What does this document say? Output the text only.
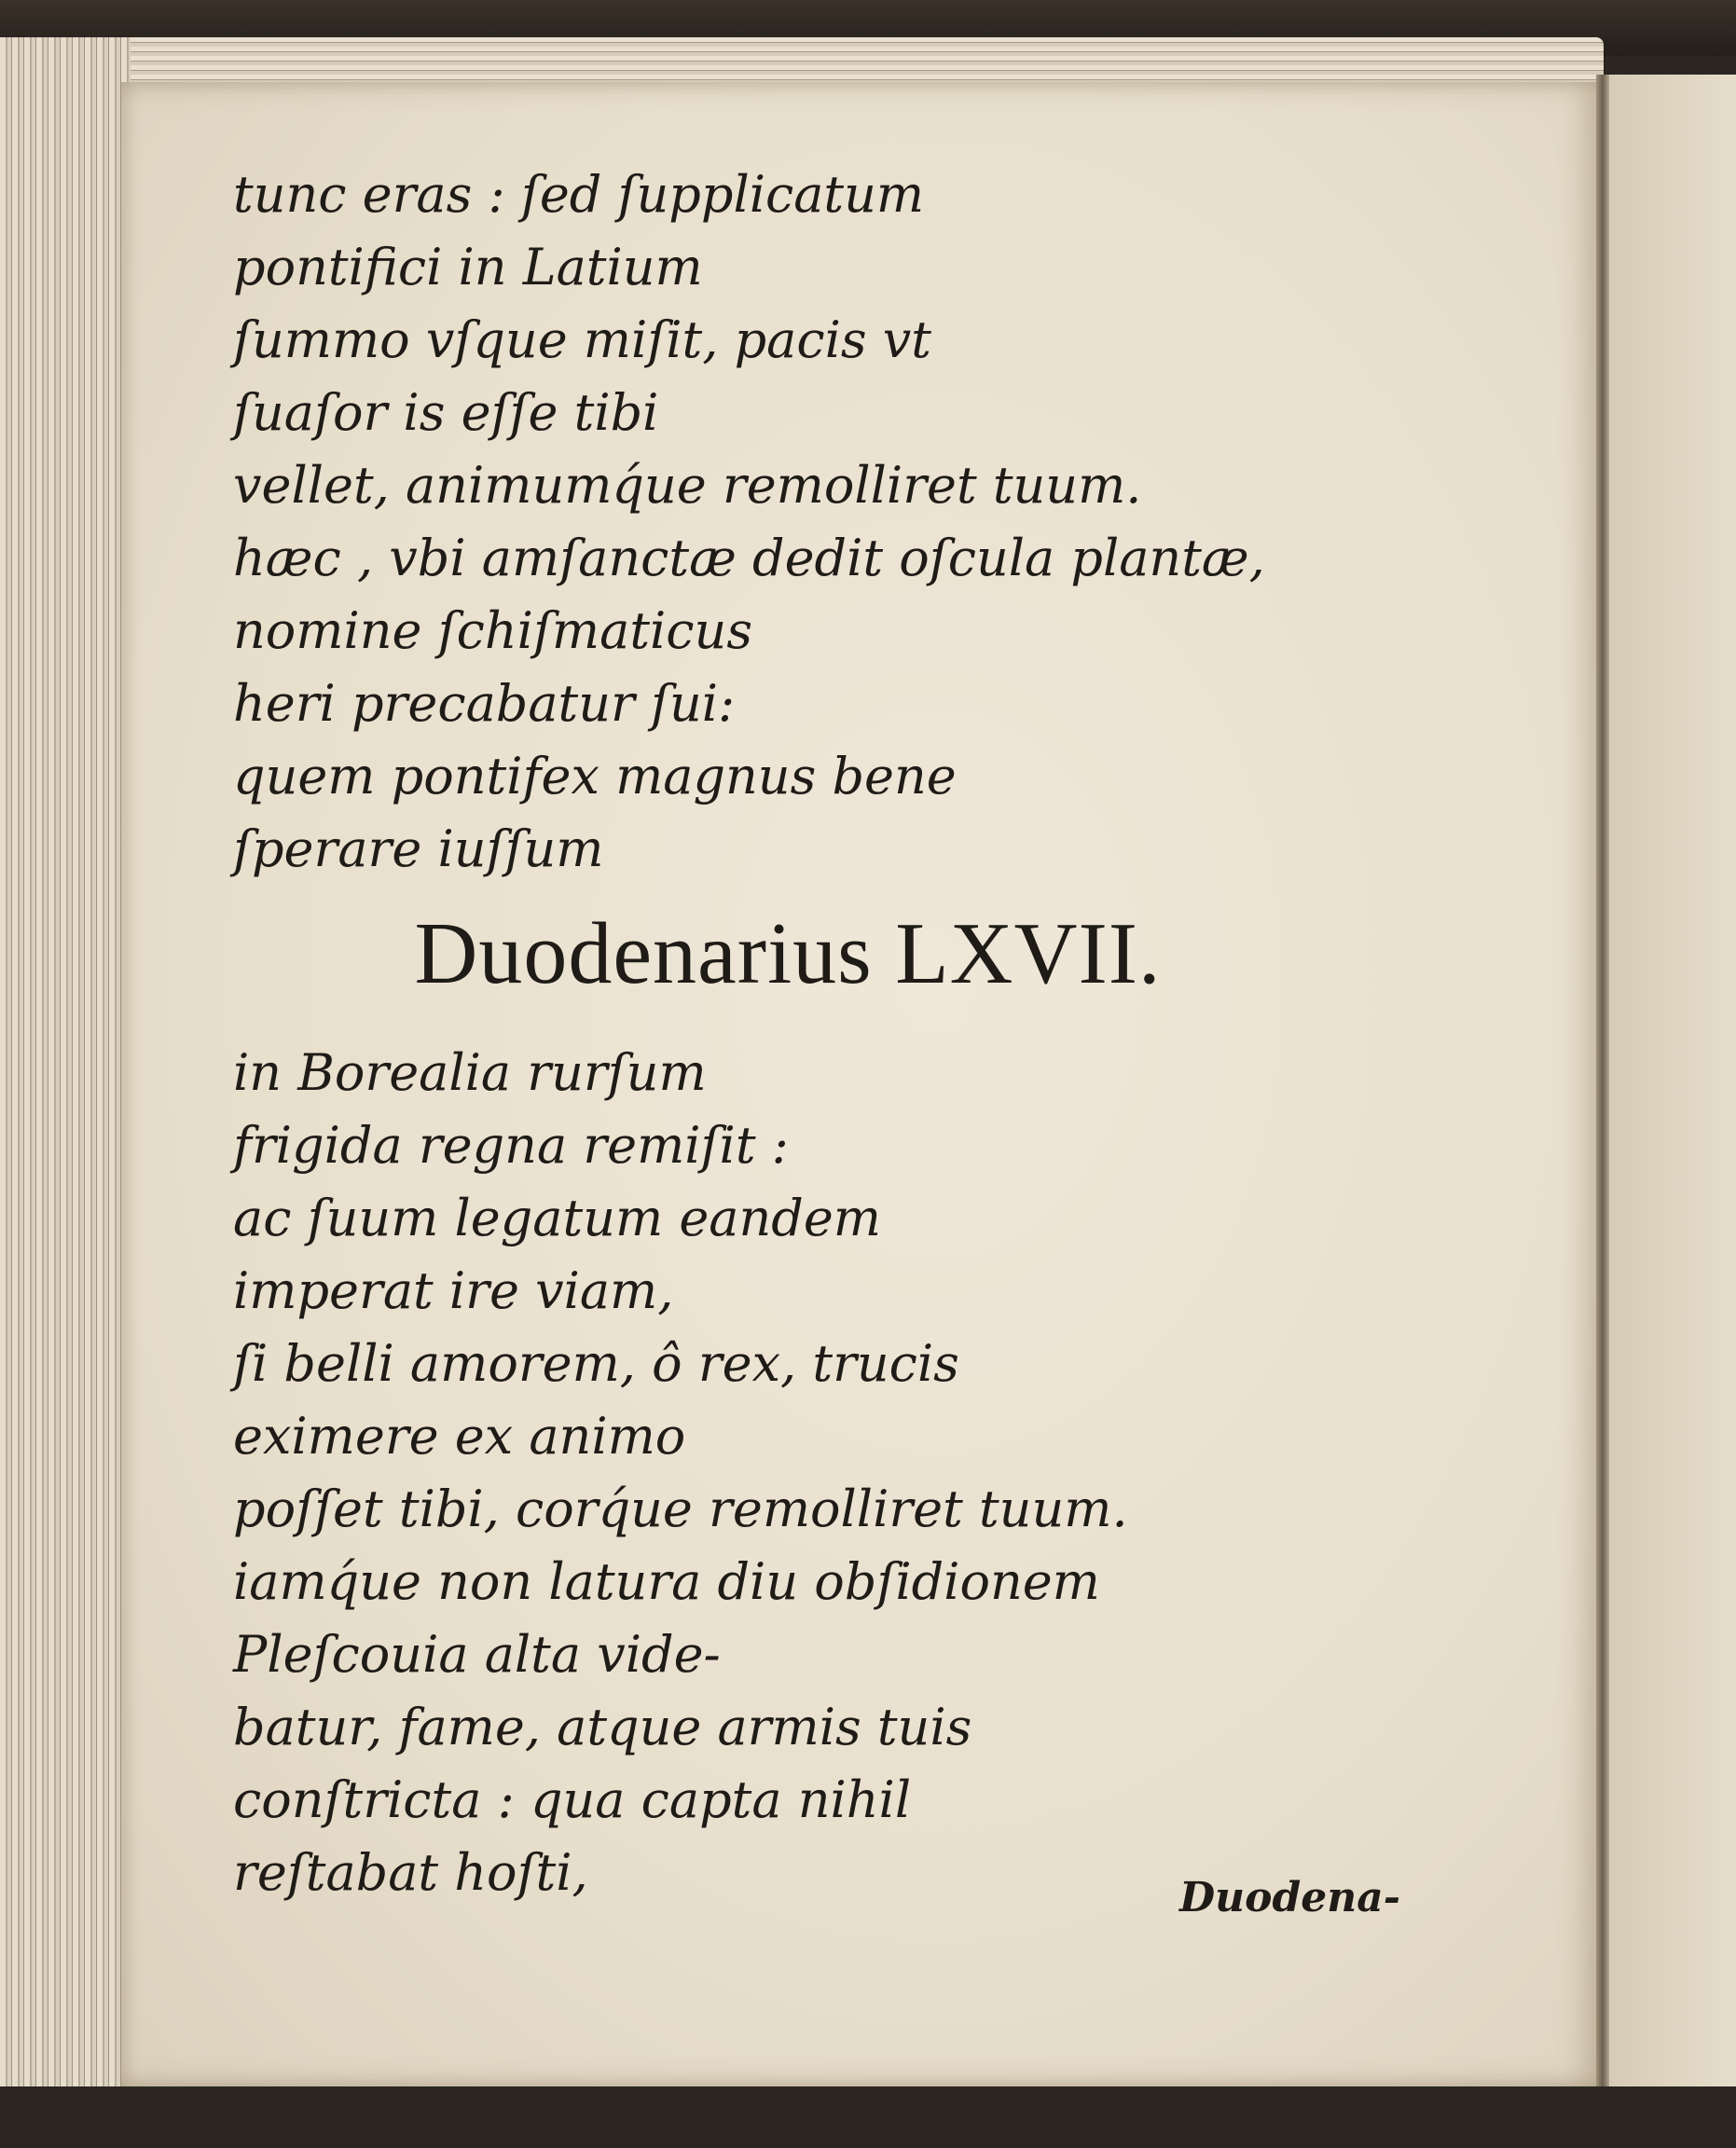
tunc eras : ſed ſupplicatum
pontifici in Latium
ſummo vſque miſit, pacis vt
ſuaſor is eſſe tibi
vellet, animumq́ue remolliret tuum.
hæc , vbi amſanctæ dedit oſcula plantæ,
nomine ſchiſmaticus
heri precabatur ſui:
quem pontifex magnus bene
ſperare iuſſum
Duodenarius LXVII.
in Borealia rurſum
frigida regna remiſit :
ac ſuum legatum eandem
imperat ire viam,
ſi belli amorem, ô rex, trucis
eximere ex animo
poſſet tibi, corq́ue remolliret tuum.
iamq́ue non latura diu obſidionem
Pleſcouia alta vide-
batur, fame, atque armis tuis
conſtricta : qua capta nihil
reſtabat hoſti,	Duodena-
